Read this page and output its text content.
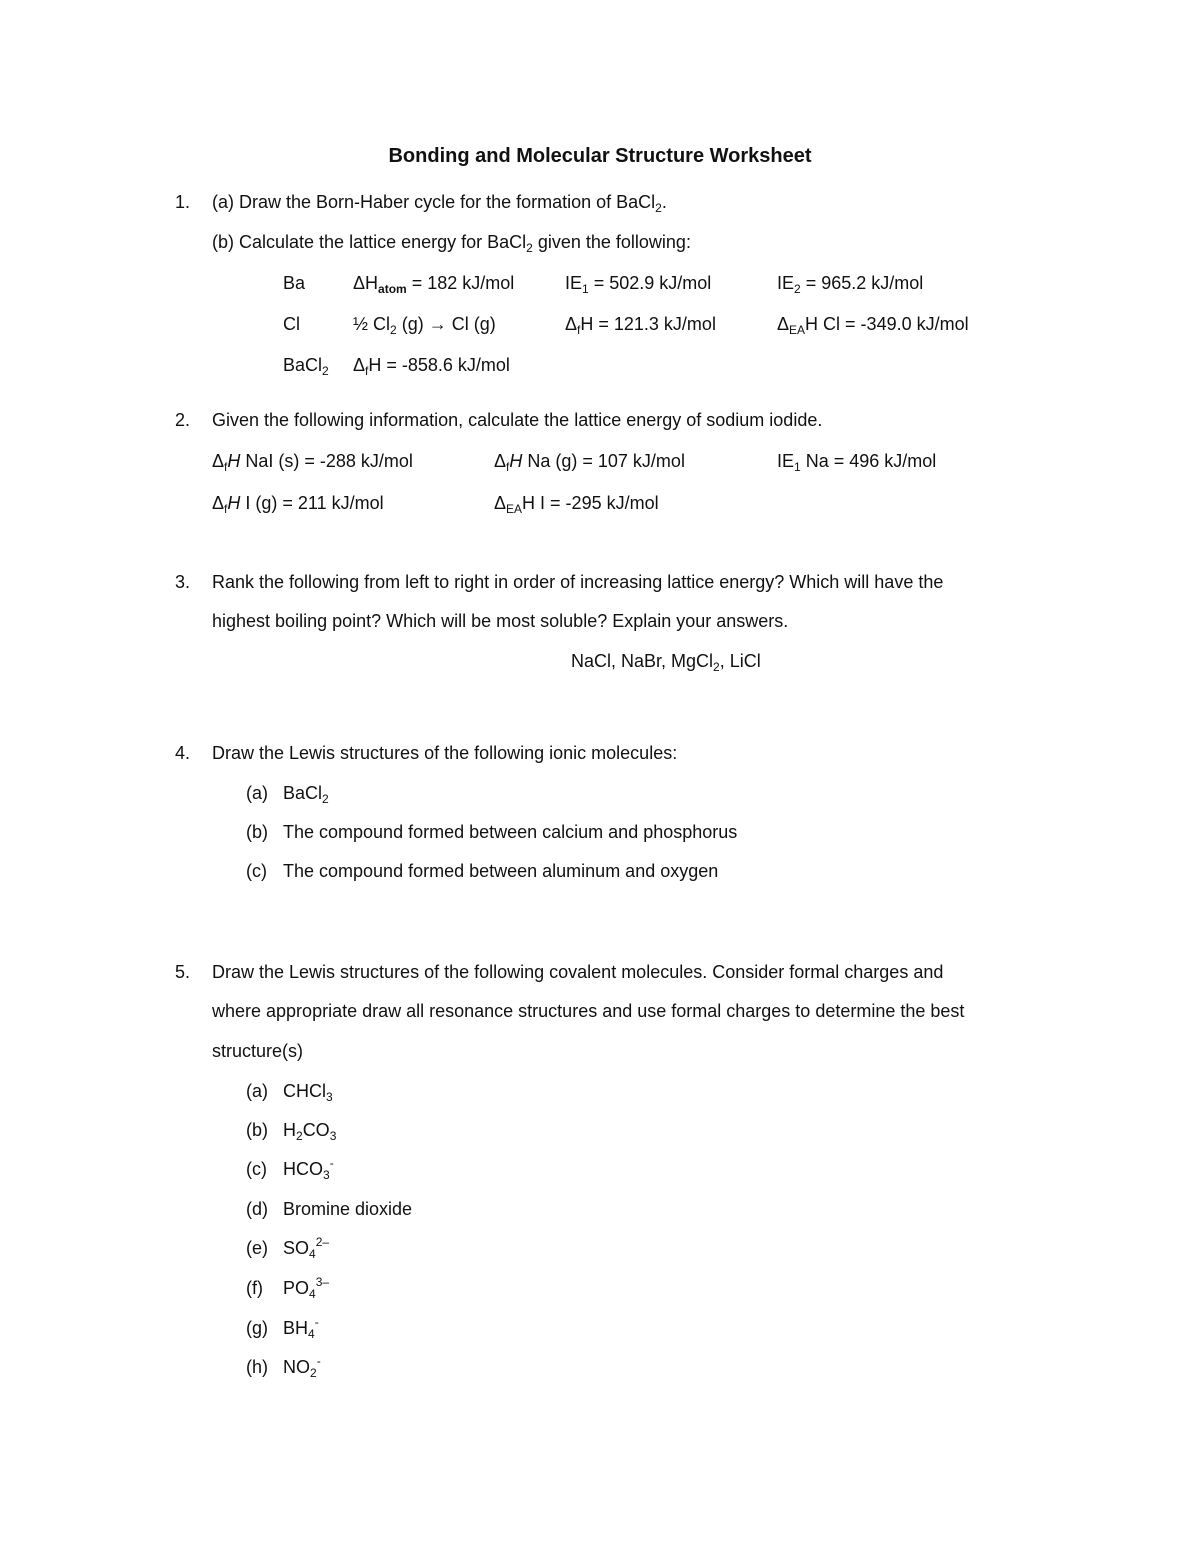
Bonding and Molecular Structure Worksheet
1.	(a) Draw the Born-Haber cycle for the formation of BaCl$_2$.
(b) Calculate the lattice energy for BaCl$_2$ given the following:
Ba	$\Delta H_{atom} = 182$ kJ/mol	$IE_1 = 502.9$ kJ/mol	$IE_2 = 965.2$ kJ/mol
Cl	½ $Cl_2$ (g) → Cl (g)	$\Delta_fH = 121.3$ kJ/mol	$\Delta_{EA}H$ Cl = -349.0 kJ/mol
BaCl$_2$ $\Delta_fH = -858.6$ kJ/mol
2.	Given the following information, calculate the lattice energy of sodium iodide.
$\Delta_fH$ NaI (s) = -288 kJ/mol	$\Delta_fH$ Na (g) = 107 kJ/mol	$IE_1$ Na = 496 kJ/mol
$\Delta_fH$ I (g) = 211 kJ/mol	$\Delta_{EA}H$ I = -295 kJ/mol
3.	Rank the following from left to right in order of increasing lattice energy? Which will have the
highest boiling point? Which will be most soluble? Explain your answers.
NaCl, NaBr, MgCl$_2$, LiCl
4.	Draw the Lewis structures of the following ionic molecules:
(a) BaCl$_2$
(b) The compound formed between calcium and phosphorus
(c) The compound formed between aluminum and oxygen
5.	Draw the Lewis structures of the following covalent molecules. Consider formal charges and
where appropriate draw all resonance structures and use formal charges to determine the best
structure(s)
(a) CHCl$_3$
(b) $H_2CO_3$
(c) $HCO_3^-$
(d) Bromine dioxide
(e) $SO_4^{2-}$
(f) $PO_4^{3-}$
(g) $BH_4^-$
(h) $NO_2^-$
